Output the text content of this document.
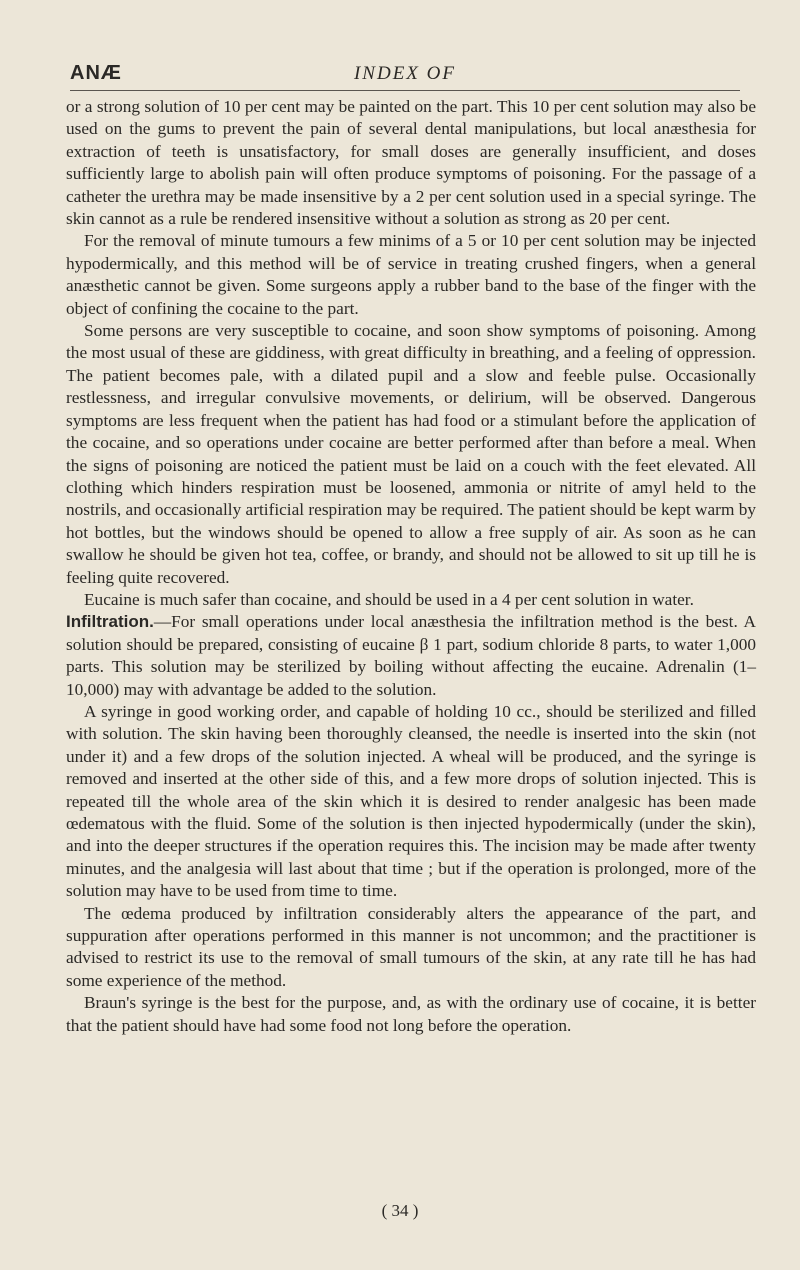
ANÆ	INDEX OF

or a strong solution of 10 per cent may be painted on the part. This 10 per cent solution may also be used on the gums to prevent the pain of several dental manipulations, but local anæsthesia for extraction of teeth is unsatisfactory, for small doses are generally insufficient, and doses sufficiently large to abolish pain will often produce symptoms of poisoning. For the passage of a catheter the urethra may be made insensitive by a 2 per cent solution used in a special syringe. The skin cannot as a rule be rendered insensitive without a solution as strong as 20 per cent.

For the removal of minute tumours a few minims of a 5 or 10 per cent solution may be injected hypodermically, and this method will be of service in treating crushed fingers, when a general anæsthetic cannot be given. Some surgeons apply a rubber band to the base of the finger with the object of confining the cocaine to the part.

Some persons are very susceptible to cocaine, and soon show symptoms of poisoning. Among the most usual of these are giddiness, with great difficulty in breathing, and a feeling of oppression. The patient becomes pale, with a dilated pupil and a slow and feeble pulse. Occasionally restlessness, and irregular convulsive movements, or delirium, will be observed. Dangerous symptoms are less frequent when the patient has had food or a stimulant before the application of the cocaine, and so operations under cocaine are better performed after than before a meal. When the signs of poisoning are noticed the patient must be laid on a couch with the feet elevated. All clothing which hinders respiration must be loosened, ammonia or nitrite of amyl held to the nostrils, and occasionally artificial respiration may be required. The patient should be kept warm by hot bottles, but the windows should be opened to allow a free supply of air. As soon as he can swallow he should be given hot tea, coffee, or brandy, and should not be allowed to sit up till he is feeling quite recovered.

Eucaine is much safer than cocaine, and should be used in a 4 per cent solution in water.

Infiltration.—For small operations under local anæsthesia the infiltration method is the best. A solution should be prepared, consisting of eucaine β 1 part, sodium chloride 8 parts, to water 1,000 parts. This solution may be sterilized by boiling without affecting the eucaine. Adrenalin (1–10,000) may with advantage be added to the solution.

A syringe in good working order, and capable of holding 10 cc., should be sterilized and filled with solution. The skin having been thoroughly cleansed, the needle is inserted into the skin (not under it) and a few drops of the solution injected. A wheal will be produced, and the syringe is removed and inserted at the other side of this, and a few more drops of solution injected. This is repeated till the whole area of the skin which it is desired to render analgesic has been made œdematous with the fluid. Some of the solution is then injected hypodermically (under the skin), and into the deeper structures if the operation requires this. The incision may be made after twenty minutes, and the analgesia will last about that time ; but if the operation is prolonged, more of the solution may have to be used from time to time.

The œdema produced by infiltration considerably alters the appearance of the part, and suppuration after operations performed in this manner is not uncommon; and the practitioner is advised to restrict its use to the removal of small tumours of the skin, at any rate till he has had some experience of the method.

Braun's syringe is the best for the purpose, and, as with the ordinary use of cocaine, it is better that the patient should have had some food not long before the operation.

( 34 )
